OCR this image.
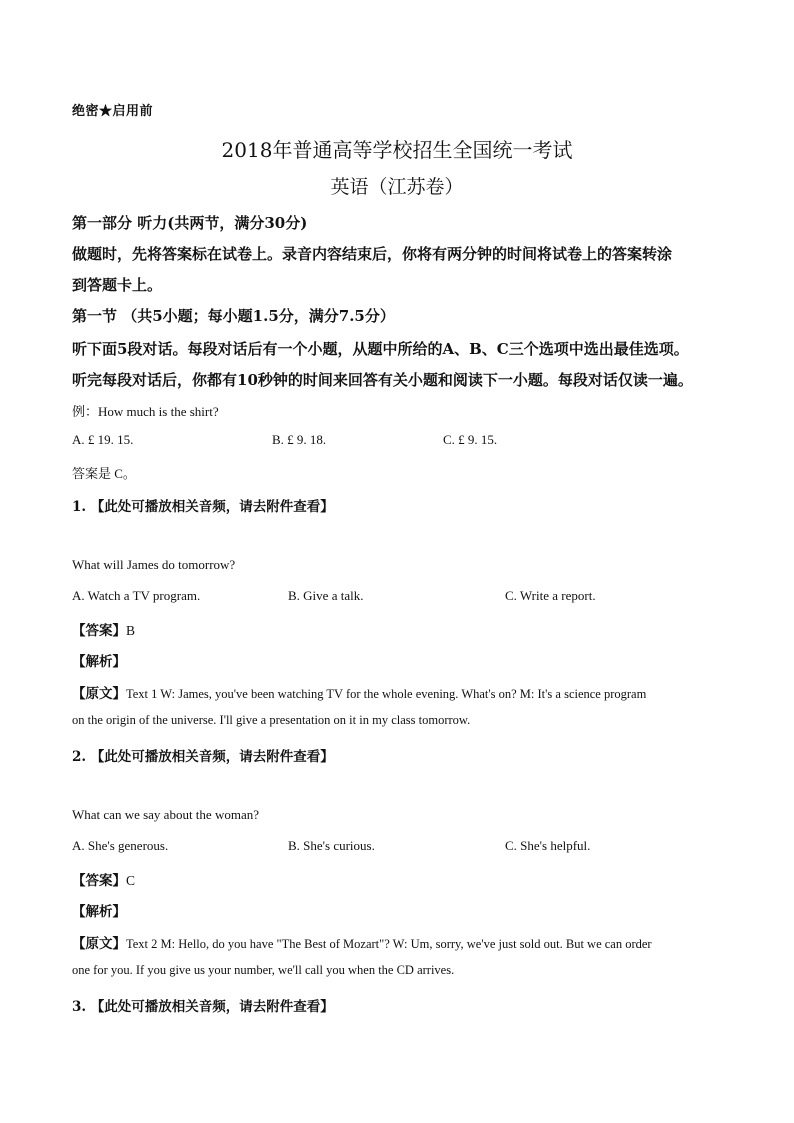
绝密★启用前
2018年普通高等学校招生全国统一考试
英语（江苏卷）
第一部分 听力(共两节，满分30分)
做题时，先将答案标在试卷上。录音内容结束后，你将有两分钟的时间将试卷上的答案转涂
到答题卡上。
第一节 （共5小题；每小题1.5分，满分7.5分）
听下面5段对话。每段对话后有一个小题，从题中所给的A、B、C三个选项中选出最佳选项。
听完每段对话后，你都有10秒钟的时间来回答有关小题和阅读下一小题。每段对话仅读一遍。
例：How much is the shirt?
A. £ 19. 15.	B. £ 9. 18.	C. £ 9. 15.
答案是 C。
1. 【此处可播放相关音频，请去附件查看】
What will James do tomorrow?
A. Watch a TV program.	B. Give a talk.	C. Write a report.
【答案】B
【解析】
【原文】Text 1 W: James, you've been watching TV for the whole evening. What's on? M: It's a science program
on the origin of the universe. I'll give a presentation on it in my class tomorrow.
2. 【此处可播放相关音频，请去附件查看】
What can we say about the woman?
A. She's generous.	B. She's curious.	C. She's helpful.
【答案】C
【解析】
【原文】Text 2 M: Hello, do you have "The Best of Mozart"? W: Um, sorry, we've just sold out. But we can order
one for you. If you give us your number, we'll call you when the CD arrives.
3. 【此处可播放相关音频，请去附件查看】
